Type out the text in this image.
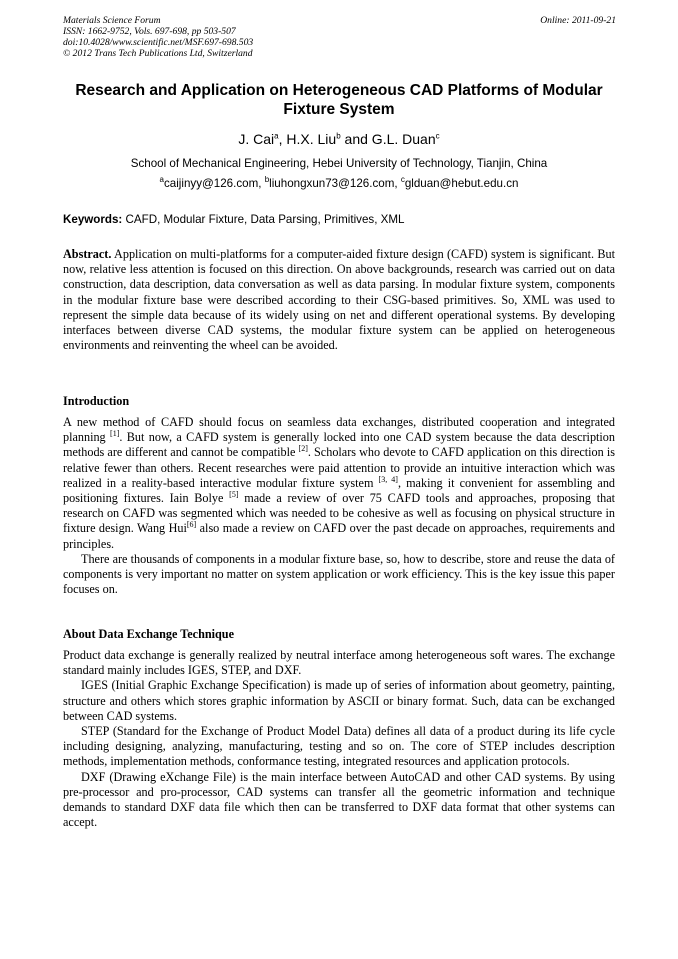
Materials Science Forum
ISSN: 1662-9752, Vols. 697-698, pp 503-507
doi:10.4028/www.scientific.net/MSF.697-698.503
© 2012 Trans Tech Publications Ltd, Switzerland
Online: 2011-09-21
Research and Application on Heterogeneous CAD Platforms of Modular Fixture System
J. Cai$^a$, H.X. Liu$^b$ and G.L. Duan$^c$
School of Mechanical Engineering, Hebei University of Technology, Tianjin, China
$^a$caijinyy@126.com, $^b$liuhongxun73@126.com, $^c$glduan@hebut.edu.cn
Keywords: CAFD, Modular Fixture, Data Parsing, Primitives, XML

Abstract. Application on multi-platforms for a computer-aided fixture design (CAFD) system is significant. But now, relative less attention is focused on this direction. On above backgrounds, research was carried out on data construction, data description, data conversation as well as data parsing. In modular fixture system, components in the modular fixture base were described according to their CSG-based primitives. So, XML was used to represent the simple data because of its widely using on net and different operational systems. By developing interfaces between diverse CAD systems, the modular fixture system can be applied on heterogeneous environments and reinventing the wheel can be avoided.

Introduction

A new method of CAFD should focus on seamless data exchanges, distributed cooperation and integrated planning [1]. But now, a CAFD system is generally locked into one CAD system because the data description methods are different and cannot be compatible [2]. Scholars who devote to CAFD application on this direction is relative fewer than others. Recent researches were paid attention to provide an intuitive interaction which was realized in a reality-based interactive modular fixture system [3, 4], making it convenient for assembling and positioning fixtures. Iain Bolye [5] made a review of over 75 CAFD tools and approaches, proposing that research on CAFD was segmented which was needed to be cohesive as well as focusing on physical structure in fixture design. Wang Hui[6] also made a review on CAFD over the past decade on approaches, requirements and principles.

There are thousands of components in a modular fixture base, so, how to describe, store and reuse the data of components is very important no matter on system application or work efficiency. This is the key issue this paper focuses on.

About Data Exchange Technique

Product data exchange is generally realized by neutral interface among heterogeneous soft wares. The exchange standard mainly includes IGES, STEP, and DXF.

IGES (Initial Graphic Exchange Specification) is made up of series of information about geometry, painting, structure and others which stores graphic information by ASCII or binary format. Such, data can be exchanged between CAD systems.

STEP (Standard for the Exchange of Product Model Data) defines all data of a product during its life cycle including designing, analyzing, manufacturing, testing and so on. The core of STEP includes description methods, implementation methods, conformance testing, integrated resources and application protocols.

DXF (Drawing eXchange File) is the main interface between AutoCAD and other CAD systems. By using pre-processor and pro-processor, CAD systems can transfer all the geometric information and technique demands to standard DXF data file which then can be transferred to DXF data format that other systems can accept.
